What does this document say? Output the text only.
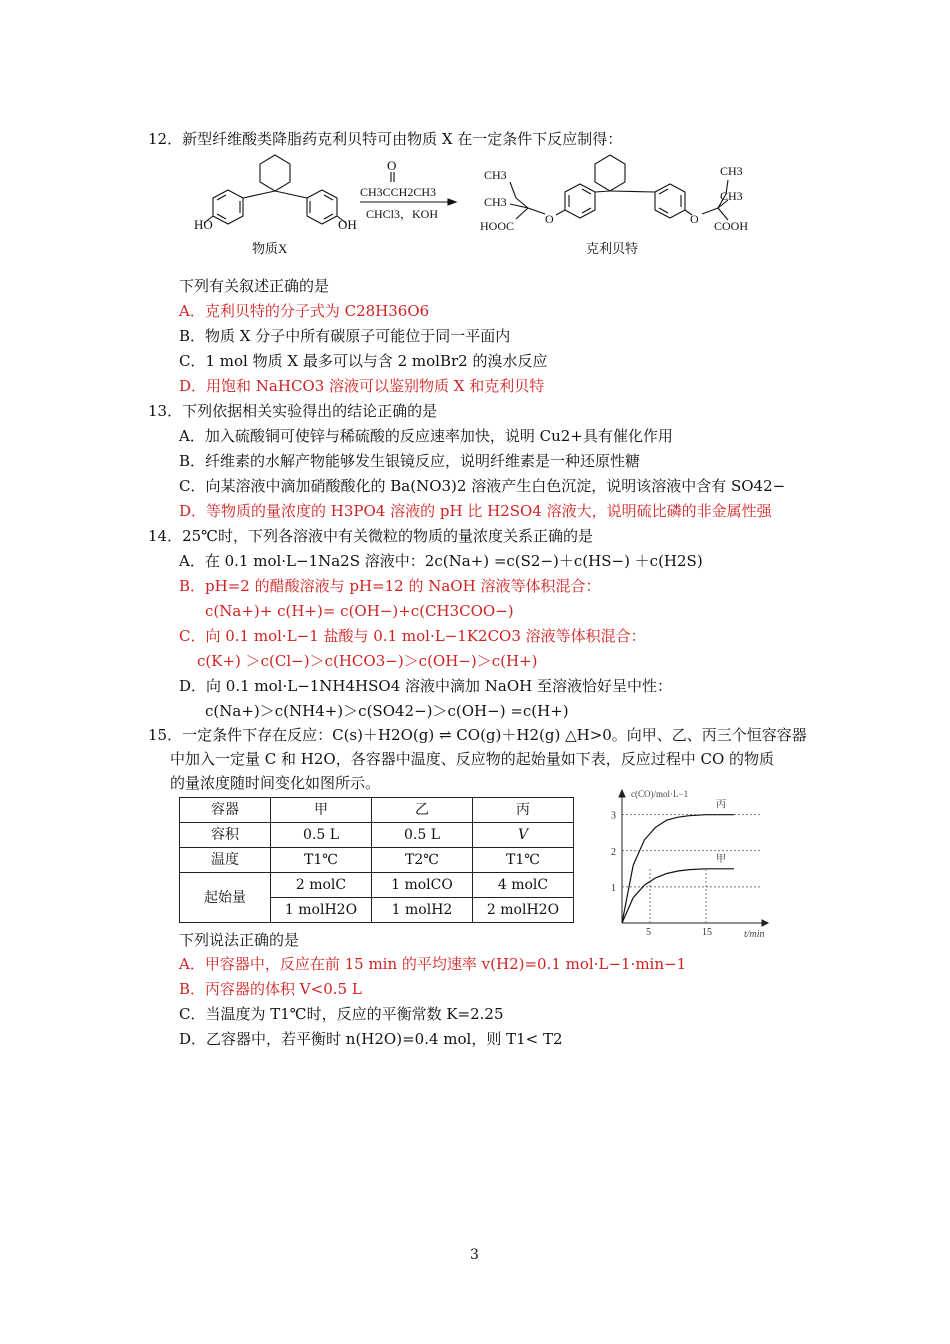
12．新型纤维酸类降脂药克利贝特可由物质 X 在一定条件下反应制得：
HO	OH
物质X
O
CH3CCH2CH3
CHCl3，KOH
CH3
CH3
HOOC	O	O
CH3
CH3
COOH
克利贝特
下列有关叙述正确的是
A．克利贝特的分子式为 C28H36O6
B．物质 X 分子中所有碳原子可能位于同一平面内
C．1 mol 物质 X 最多可以与含 2 molBr2 的溴水反应
D．用饱和 NaHCO3 溶液可以鉴别物质 X 和克利贝特
13．下列依据相关实验得出的结论正确的是
A．加入硫酸铜可使锌与稀硫酸的反应速率加快，说明 Cu2+具有催化作用
B．纤维素的水解产物能够发生银镜反应，说明纤维素是一种还原性糖
C．向某溶液中滴加硝酸酸化的 Ba(NO3)2 溶液产生白色沉淀，说明该溶液中含有 SO42−
D．等物质的量浓度的 H3PO4 溶液的 pH 比 H2SO4 溶液大，说明硫比磷的非金属性强
14．25℃时，下列各溶液中有关微粒的物质的量浓度关系正确的是
A．在 0.1 mol·L−1Na2S 溶液中：2c(Na+) =c(S2−)＋c(HS−) ＋c(H2S)
B．pH=2 的醋酸溶液与 pH=12 的 NaOH 溶液等体积混合：
c(Na+)+ c(H+)= c(OH−)+c(CH3COO−)
C．向 0.1 mol·L−1 盐酸与 0.1 mol·L−1K2CO3 溶液等体积混合：
c(K+) ＞c(Cl−)＞c(HCO3−)＞c(OH−)＞c(H+)
D．向 0.1 mol·L−1NH4HSO4 溶液中滴加 NaOH 至溶液恰好呈中性：
c(Na+)＞c(NH4+)＞c(SO42−)＞c(OH−) =c(H+)
15．一定条件下存在反应：C(s)＋H2O(g) ⇌ CO(g)＋H2(g) △H>0。向甲、乙、丙三个恒容容器
中加入一定量 C 和 H2O，各容器中温度、反应物的起始量如下表，反应过程中 CO 的物质
的量浓度随时间变化如图所示。
容器	甲	乙	丙
容积	0.5 L	0.5 L	V
温度	T1℃	T2℃	T1℃
起始量	2 molC	1 molCO	4 molC
	1 molH2O	1 molH2	2 molH2O
1
2
3
5	15
丙
甲
c(CO)/mol·L−1
t/min
下列说法正确的是
A．甲容器中，反应在前 15 min 的平均速率 v(H2)=0.1 mol·L−1·min−1
B．丙容器的体积 V<0.5 L
C．当温度为 T1℃时，反应的平衡常数 K=2.25
D．乙容器中，若平衡时 n(H2O)=0.4 mol，则 T1< T2
3
